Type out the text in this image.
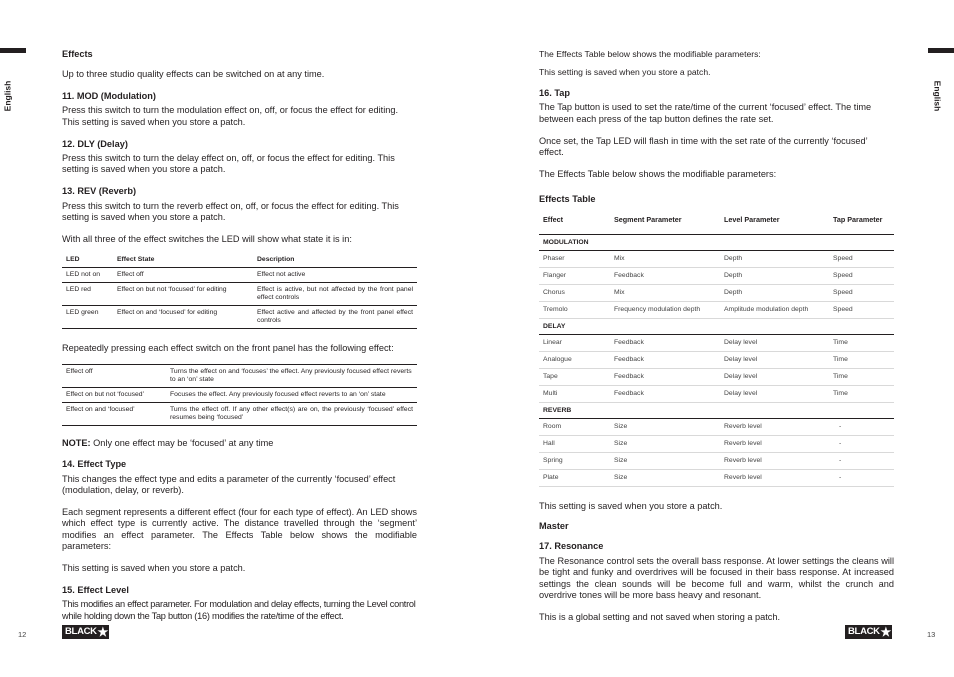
English	English
Effects

Up to three studio quality effects can be switched on at any time.

11. MOD (Modulation)

Press this switch to turn the modulation effect on, off, or focus the effect for editing. This setting is saved when you store a patch.

12. DLY (Delay)

Press this switch to turn the delay effect on, off, or focus the effect for editing. This setting is saved when you store a patch.

13. REV (Reverb)

Press this switch to turn the reverb effect on, off, or focus the effect for editing. This setting is saved when you store a patch.

With all three of the effect switches the LED will show what state it is in:

LED	Effect State	Description
LED not on	Effect off	Effect not active
LED red	Effect on but not ‘focused’ for editing	Effect is active, but not affected by the front panel effect controls
LED green	Effect on and ‘focused’ for editing	Effect active and affected by the front panel effect controls

Repeatedly pressing each effect switch on the front panel has the following effect:

Effect off	Turns the effect on and ‘focuses’ the effect. Any previously focused effect reverts to an ‘on’ state
Effect on but not ‘focused’	Focuses the effect. Any previously focused effect reverts to an ‘on’ state
Effect on and ‘focused’	Turns the effect off. If any other effect(s) are on, the previously ‘focused’ effect resumes being ‘focused’

NOTE: Only one effect may be ‘focused’ at any time

14. Effect Type

This changes the effect type and edits a parameter of the currently ‘focused’ effect (modulation, delay, or reverb).

Each segment represents a different effect (four for each type of effect). An LED shows which effect type is currently active. The distance travelled through the ‘segment’ modifies an effect parameter. The Effects Table below shows the modifiable parameters:

This setting is saved when you store a patch.

15. Effect Level

This modifies an effect parameter. For modulation and delay effects, turning the Level control while holding down the Tap button (16) modifies the rate/time of the effect.

12	BLACK ★

The Effects Table below shows the modifiable parameters:

This setting is saved when you store a patch.

16. Tap

The Tap button is used to set the rate/time of the current ‘focused’ effect. The time between each press of the tap button defines the rate set.

Once set, the Tap LED will flash in time with the set rate of the currently ‘focused’ effect.

The Effects Table below shows the modifiable parameters:

Effects Table
Effect	Segment Parameter	Level Parameter	Tap Parameter
MODULATION			
Phaser	Mix	Depth	Speed
Flanger	Feedback	Depth	Speed
Chorus	Mix	Depth	Speed
Tremolo	Frequency modulation depth	Amplitude modulation depth	Speed
DELAY			
Linear	Feedback	Delay level	Time
Analogue	Feedback	Delay level	Time
Tape	Feedback	Delay level	Time
Multi	Feedback	Delay level	Time
REVERB			
Room	Size	Reverb level	-
Hall	Size	Reverb level	-
Spring	Size	Reverb level	-
Plate	Size	Reverb level	-

This setting is saved when you store a patch.

Master
17. Resonance

The Resonance control sets the overall bass response. At lower settings the cleans will be tight and funky and overdrives will be focused in their bass response. At increased settings the clean sounds will be become full and warm, whilst the crunch and overdrive tones will be more bass heavy and resonant.

This is a global setting and not saved when storing a patch.

BLACK ★	13
